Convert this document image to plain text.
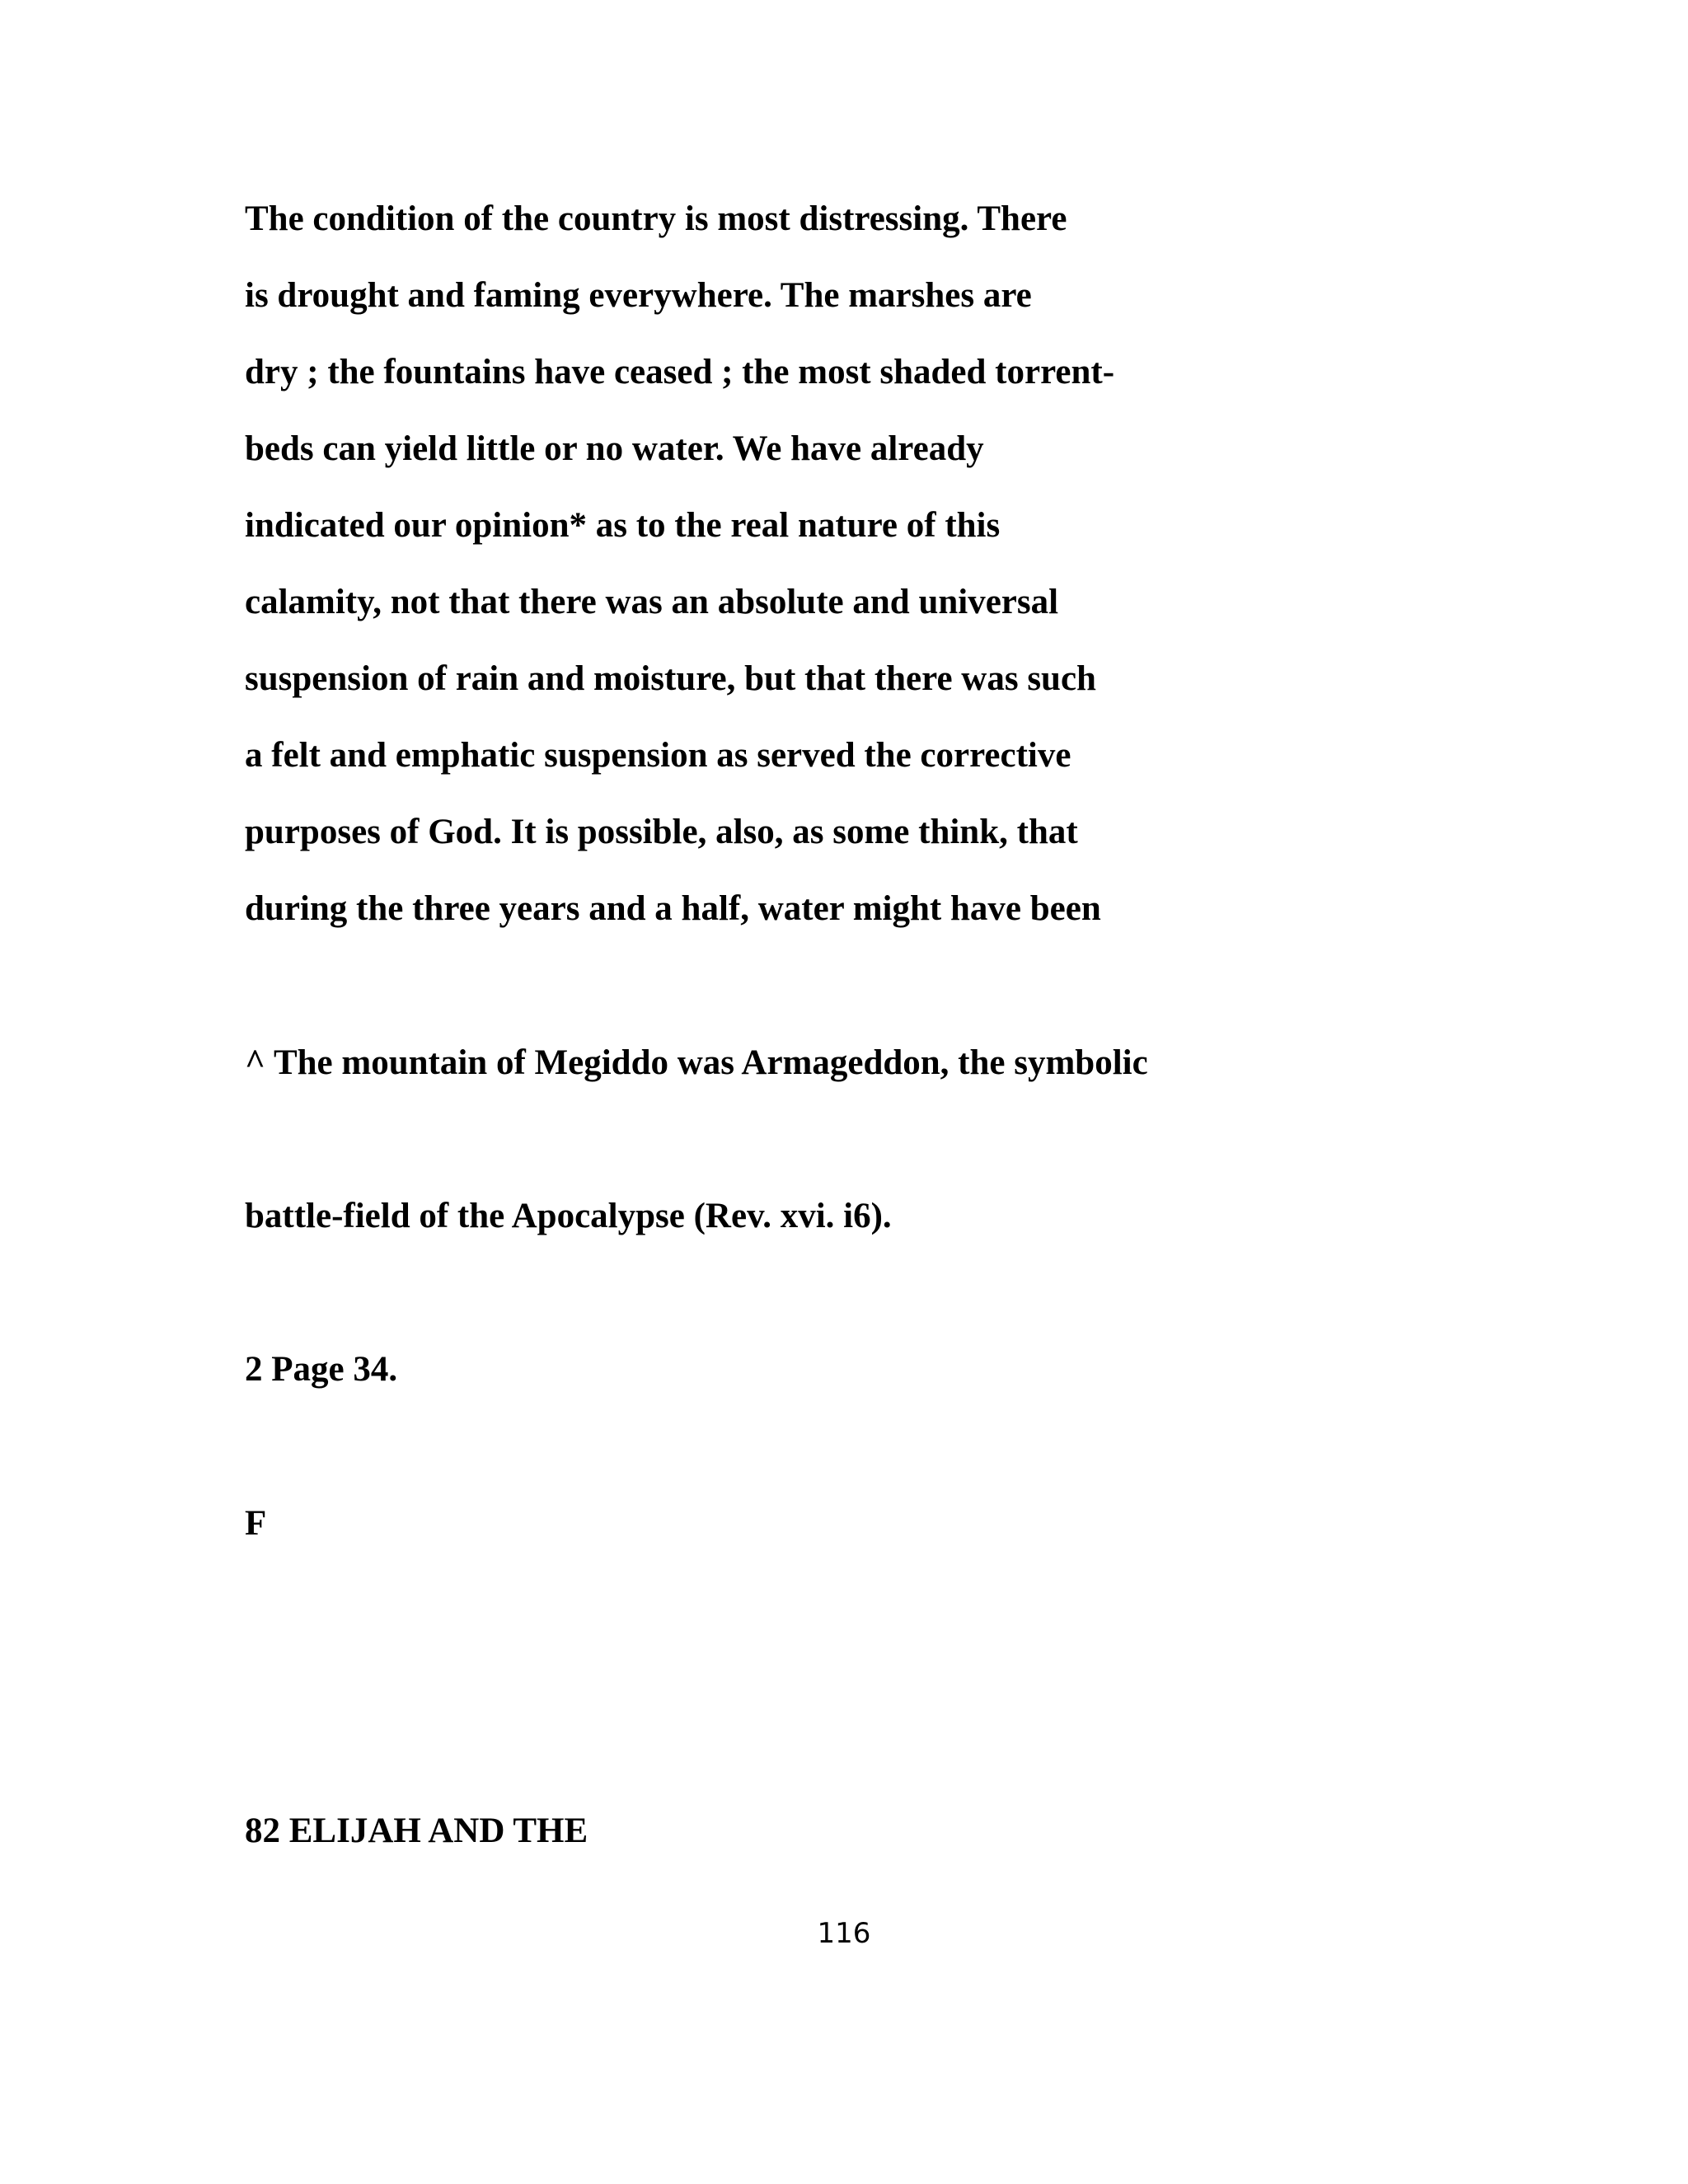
The condition of the country is most distressing. There

is drought and faming everywhere. The marshes are

dry ; the fountains have ceased ; the most shaded torrent-

beds can yield little or no water. We have already

indicated our opinion* as to the real nature of this

calamity, not that there was an absolute and universal

suspension of rain and moisture, but that there was such

a felt and emphatic suspension as served the corrective

purposes of God. It is possible, also, as some think, that

during the three years and a half, water might have been

^ The mountain of Megiddo was Armageddon, the symbolic

battle-field of the Apocalypse (Rev. xvi. i6).

2 Page 34.

F

82 ELIJAH AND THE

116
